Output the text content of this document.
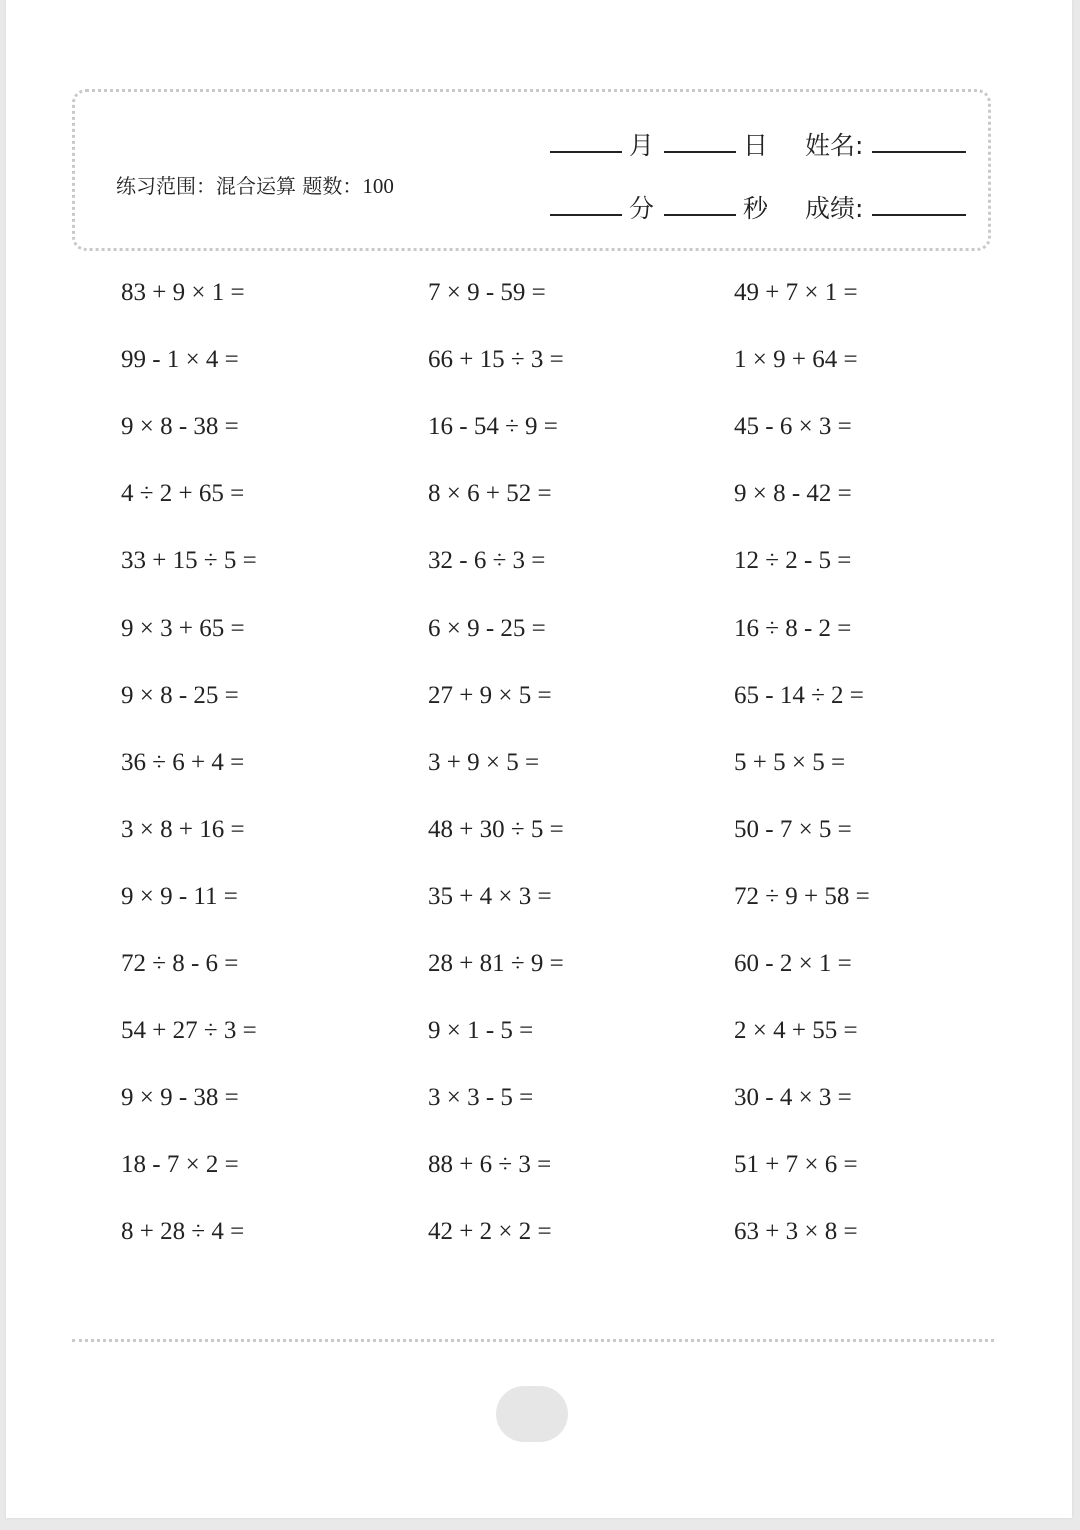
练习范围：混合运算 题数：100
月	日 姓名:
分	秒 成绩:
83 + 9 × 1 =	7 × 9 - 59 =	49 + 7 × 1 =
99 - 1 × 4 =	66 + 15 ÷ 3 =	1 × 9 + 64 =
9 × 8 - 38 =	16 - 54 ÷ 9 =	45 - 6 × 3 =
4 ÷ 2 + 65 =	8 × 6 + 52 =	9 × 8 - 42 =
33 + 15 ÷ 5 =	32 - 6 ÷ 3 =	12 ÷ 2 - 5 =
9 × 3 + 65 =	6 × 9 - 25 =	16 ÷ 8 - 2 =
9 × 8 - 25 =	27 + 9 × 5 =	65 - 14 ÷ 2 =
36 ÷ 6 + 4 =	3 + 9 × 5 =	5 + 5 × 5 =
3 × 8 + 16 =	48 + 30 ÷ 5 =	50 - 7 × 5 =
9 × 9 - 11 =	35 + 4 × 3 =	72 ÷ 9 + 58 =
72 ÷ 8 - 6 =	28 + 81 ÷ 9 =	60 - 2 × 1 =
54 + 27 ÷ 3 =	9 × 1 - 5 =	2 × 4 + 55 =
9 × 9 - 38 =	3 × 3 - 5 =	30 - 4 × 3 =
18 - 7 × 2 =	88 + 6 ÷ 3 =	51 + 7 × 6 =
8 + 28 ÷ 4 =	42 + 2 × 2 =	63 + 3 × 8 =
